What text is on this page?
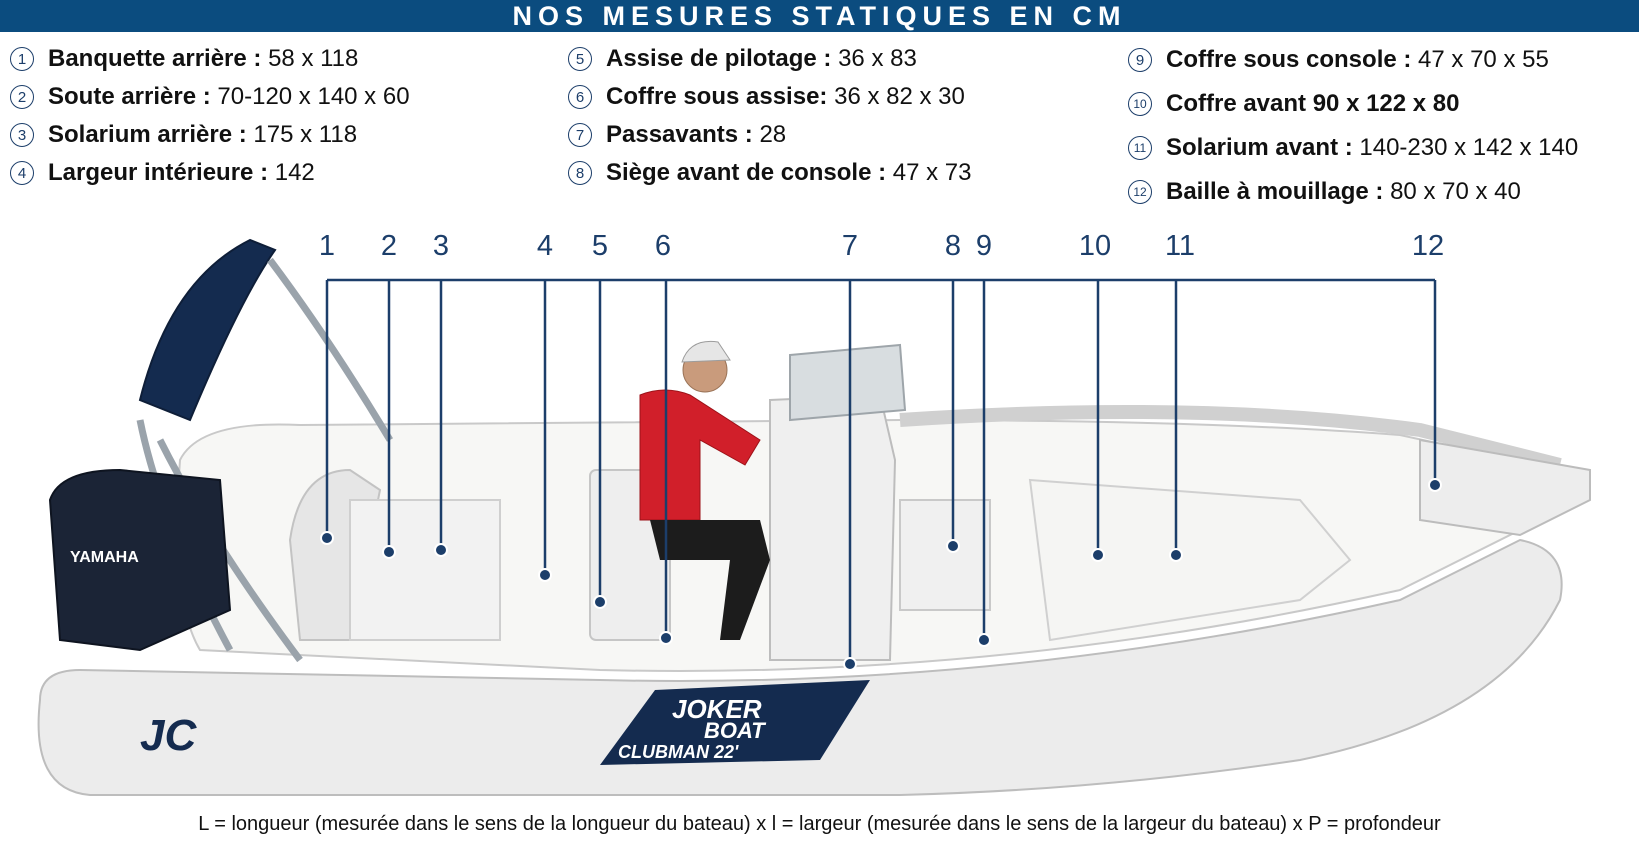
NOS MESURES STATIQUES EN CM
1 Banquette arrière :
58 x 118
2 Soute arrière :
70-120 x 140 x 60
3 Solarium arrière :
175 x 118
4 Largeur intérieure :
142
5 Assise de pilotage :
36 x 83
6 Coffre sous assise:
36 x 82 x 30
7 Passavants :
28
8 Siège avant de console :
47 x 73
9 Coffre sous console :
47 x 70 x 55
10 Coffre avant
90 x 122 x 80
11 Solarium avant :
140-230 x 142 x 140
12 Baille à mouillage :
80 x 70 x 40
1 2 3	4 5 6	7	8 9	10 11	12
YAMAHA
JC
JOKER
BOAT
CLUBMAN 22'
L = longueur (mesurée dans le sens de la longueur du bateau) x l = largeur (mesurée dans le sens de la largeur du bateau) x P = profondeur
